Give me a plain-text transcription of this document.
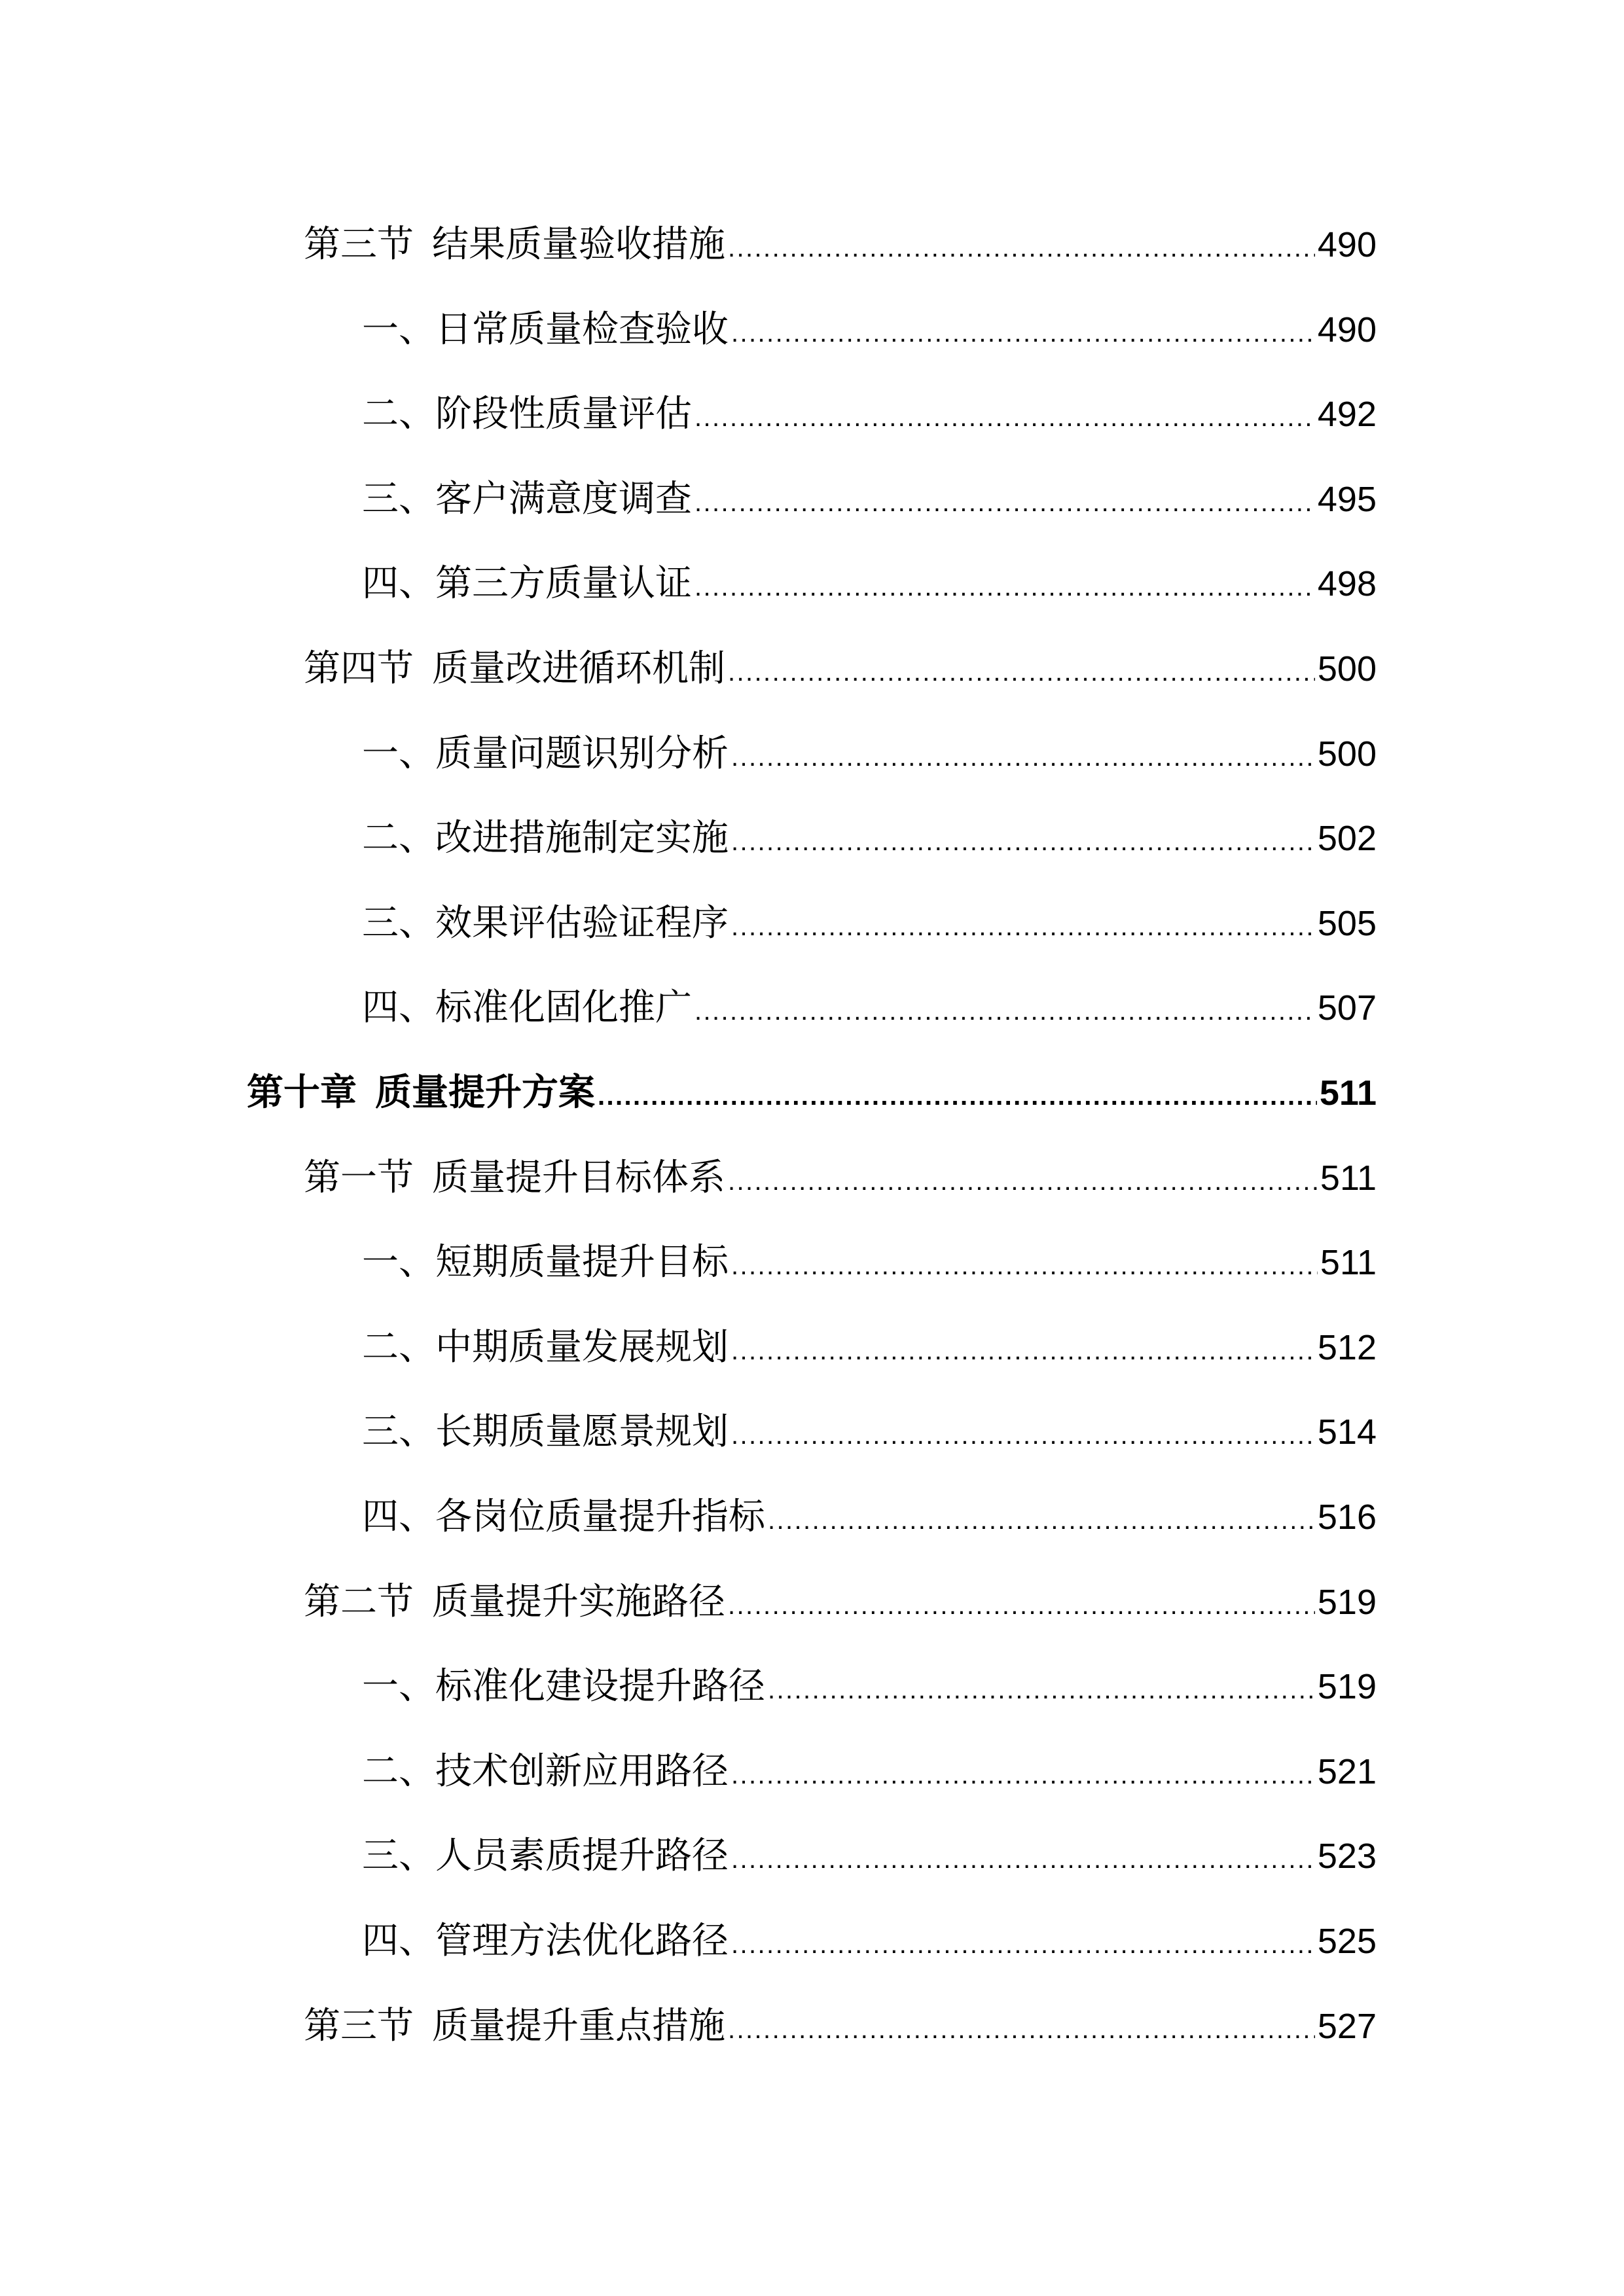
第三节 结果质量验收措施 .....	490
一、日常质量检查验收 .....	490
二、阶段性质量评估 .....	492
三、客户满意度调查 .....	495
四、第三方质量认证 .....	498
第四节 质量改进循环机制 .....	500
一、质量问题识别分析 .....	500
二、改进措施制定实施 .....	502
三、效果评估验证程序 .....	505
四、标准化固化推广 .....	507
第十章 质量提升方案 .....	511
第一节 质量提升目标体系 .....	511
一、短期质量提升目标 .....	511
二、中期质量发展规划 .....	512
三、长期质量愿景规划 .....	514
四、各岗位质量提升指标 .....	516
第二节 质量提升实施路径 .....	519
一、标准化建设提升路径 .....	519
二、技术创新应用路径 .....	521
三、人员素质提升路径 .....	523
四、管理方法优化路径 .....	525
第三节 质量提升重点措施 .....	527
